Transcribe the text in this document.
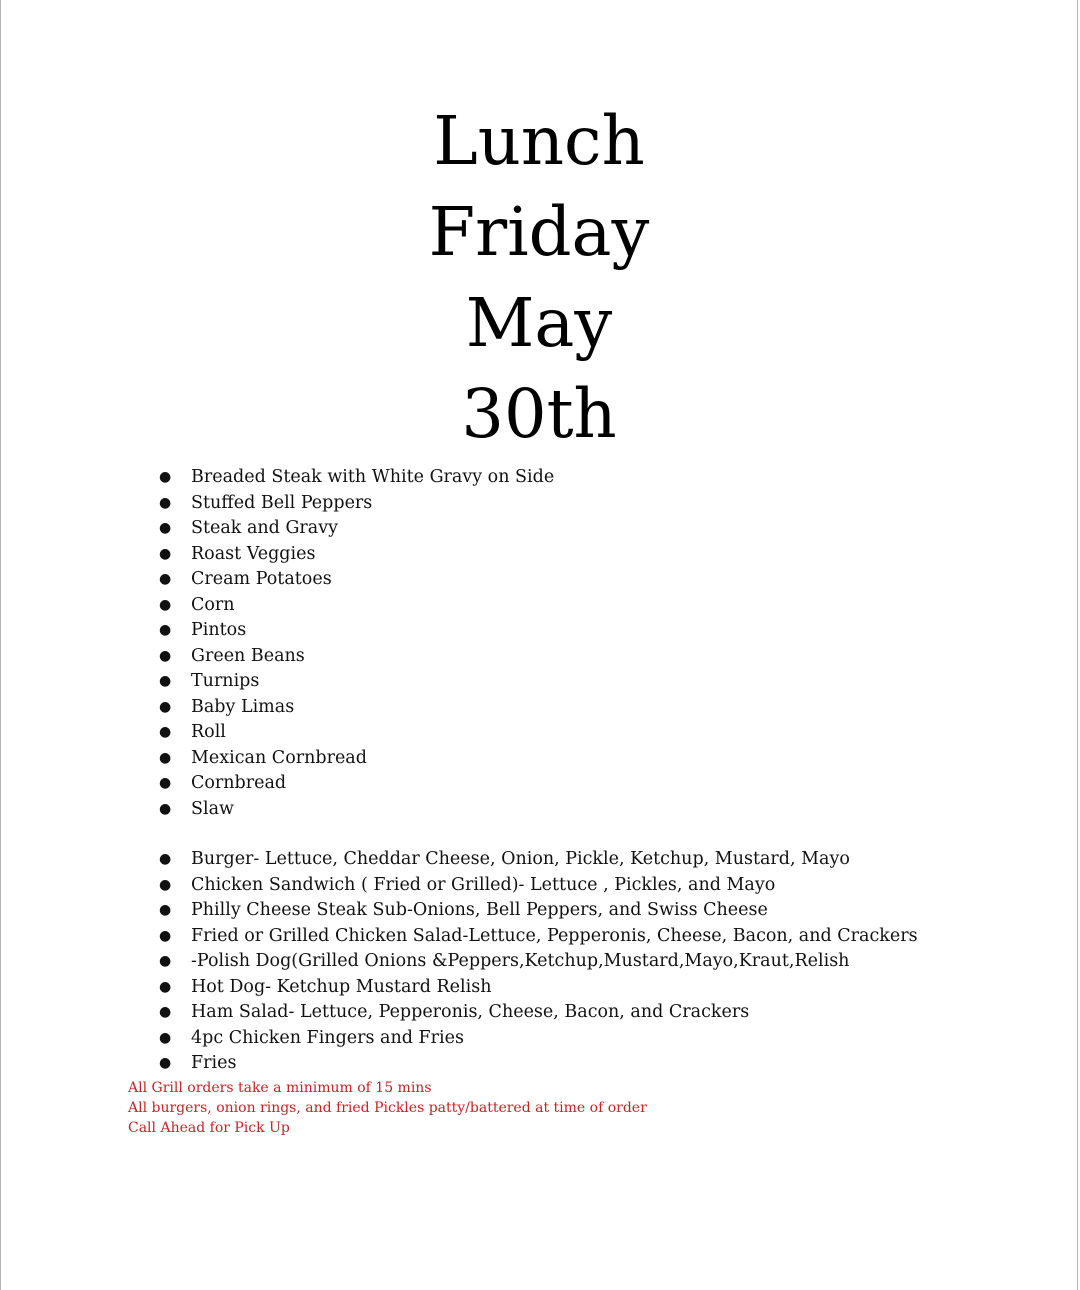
Lunch
Friday
May
30th
● Breaded Steak with White Gravy on Side
● Stuffed Bell Peppers
● Steak and Gravy
● Roast Veggies
● Cream Potatoes
● Corn
● Pintos
● Green Beans
● Turnips
● Baby Limas
● Roll
● Mexican Cornbread
● Cornbread
● Slaw
● Burger- Lettuce, Cheddar Cheese, Onion, Pickle, Ketchup, Mustard, Mayo
● Chicken Sandwich ( Fried or Grilled)- Lettuce , Pickles, and Mayo
● Philly Cheese Steak Sub-Onions, Bell Peppers, and Swiss Cheese
● Fried or Grilled Chicken Salad-Lettuce, Pepperonis, Cheese, Bacon, and Crackers
● -Polish Dog(Grilled Onions &Peppers,Ketchup,Mustard,Mayo,Kraut,Relish
● Hot Dog- Ketchup Mustard Relish
● Ham Salad- Lettuce, Pepperonis, Cheese, Bacon, and Crackers
● 4pc Chicken Fingers and Fries
● Fries
All Grill orders take a minimum of 15 mins
All burgers, onion rings, and fried Pickles patty/battered at time of order
Call Ahead for Pick Up
